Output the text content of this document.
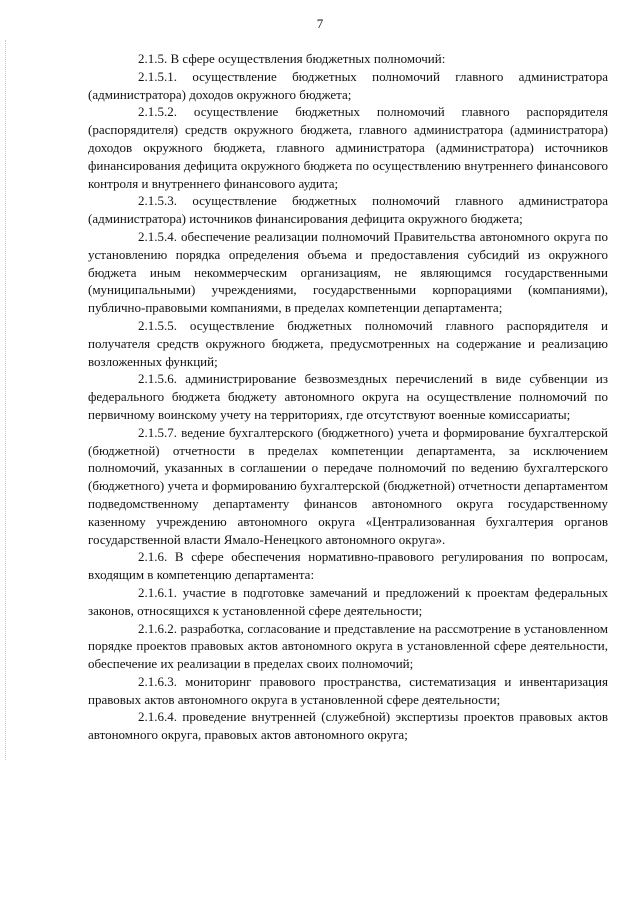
7

2.1.5. В сфере осуществления бюджетных полномочий:

2.1.5.1. осуществление бюджетных полномочий главного администратора (администратора) доходов окружного бюджета;

2.1.5.2. осуществление бюджетных полномочий главного распорядителя (распорядителя) средств окружного бюджета, главного администратора (администратора) доходов окружного бюджета, главного администратора (администратора) источников финансирования дефицита окружного бюджета по осуществлению внутреннего финансового контроля и внутреннего финансового аудита;

2.1.5.3. осуществление бюджетных полномочий главного администратора (администратора) источников финансирования дефицита окружного бюджета;

2.1.5.4. обеспечение реализации полномочий Правительства автономного округа по установлению порядка определения объема и предоставления субсидий из окружного бюджета иным некоммерческим организациям, не являющимся государственными (муниципальными) учреждениями, государственными корпорациями (компаниями), публично-правовыми компаниями, в пределах компетенции департамента;

2.1.5.5. осуществление бюджетных полномочий главного распорядителя и получателя средств окружного бюджета, предусмотренных на содержание и реализацию возложенных функций;

2.1.5.6. администрирование безвозмездных перечислений в виде субвенции из федерального бюджета бюджету автономного округа на осуществление полномочий по первичному воинскому учету на территориях, где отсутствуют военные комиссариаты;

2.1.5.7. ведение бухгалтерского (бюджетного) учета и формирование бухгалтерской (бюджетной) отчетности в пределах компетенции департамента, за исключением полномочий, указанных в соглашении о передаче полномочий по ведению бухгалтерского (бюджетного) учета и формированию бухгалтерской (бюджетной) отчетности департаментом подведомственному департаменту финансов автономного округа государственному казенному учреждению автономного округа «Централизованная бухгалтерия органов государственной власти Ямало-Ненецкого автономного округа».

2.1.6. В сфере обеспечения нормативно-правового регулирования по вопросам, входящим в компетенцию департамента:

2.1.6.1. участие в подготовке замечаний и предложений к проектам федеральных законов, относящихся к установленной сфере деятельности;

2.1.6.2. разработка, согласование и представление на рассмотрение в установленном порядке проектов правовых актов автономного округа в установленной сфере деятельности, обеспечение их реализации в пределах своих полномочий;

2.1.6.3. мониторинг правового пространства, систематизация и инвентаризация правовых актов автономного округа в установленной сфере деятельности;

2.1.6.4. проведение внутренней (служебной) экспертизы проектов правовых актов автономного округа, правовых актов автономного округа;
